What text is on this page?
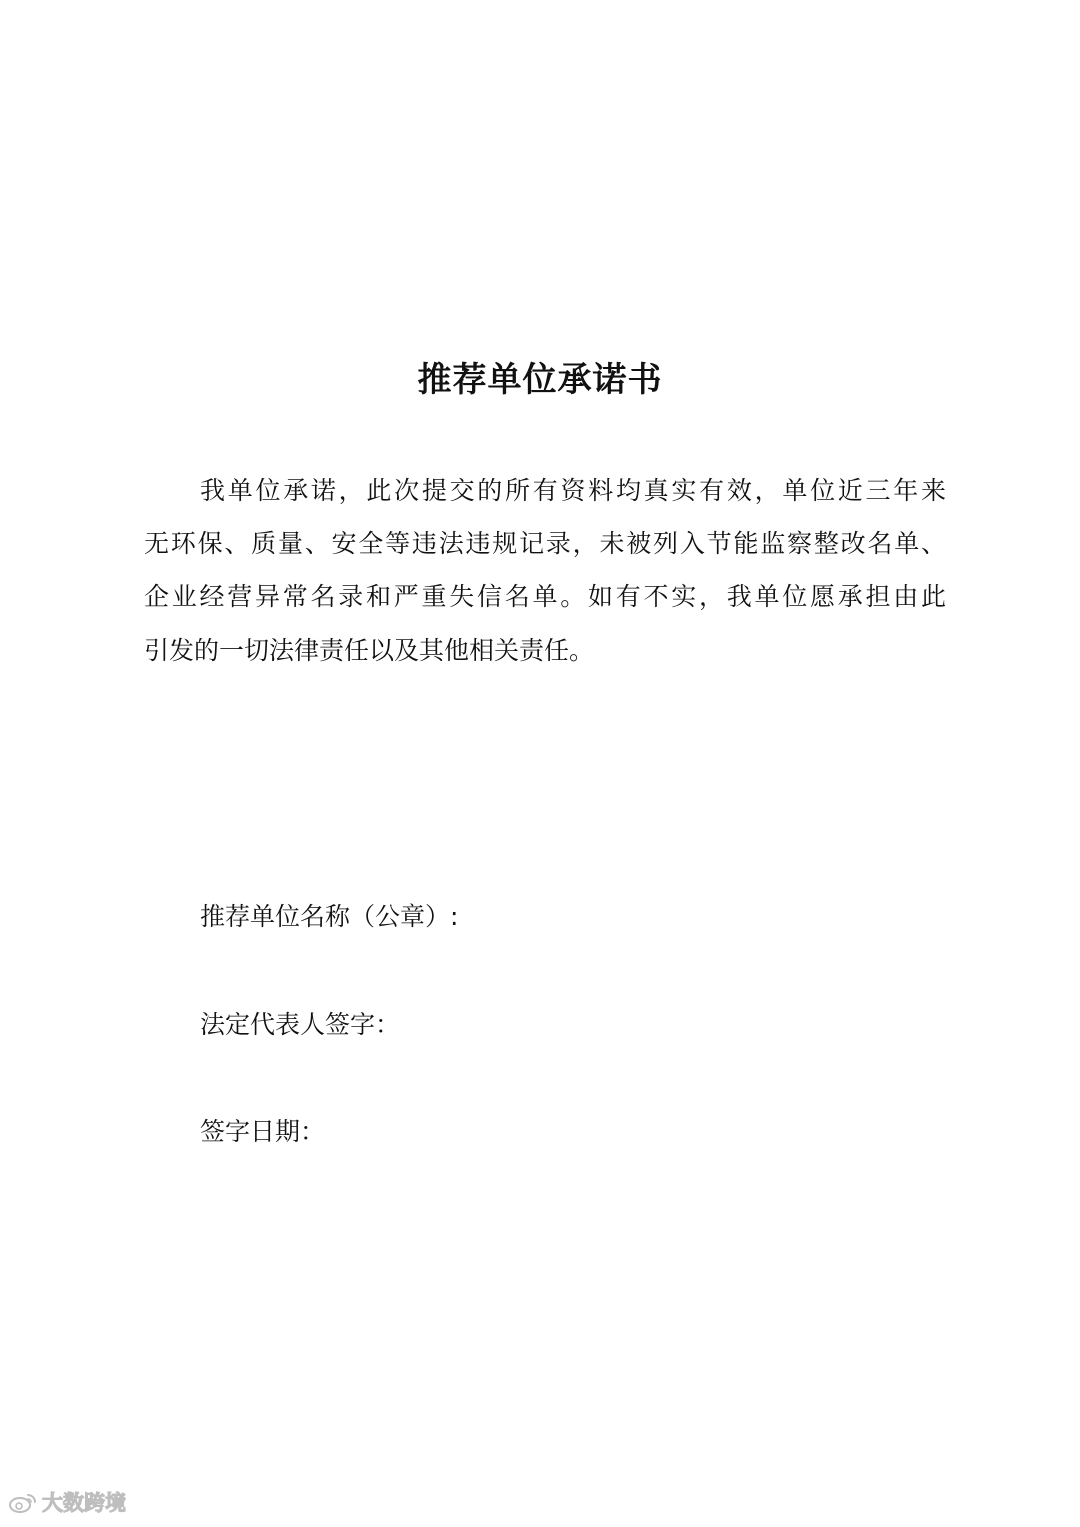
推荐单位承诺书
我单位承诺，此次提交的所有资料均真实有效，单位近三年来
无环保、质量、安全等违法违规记录，未被列入节能监察整改名单、
企业经营异常名录和严重失信名单。如有不实，我单位愿承担由此
引发的一切法律责任以及其他相关责任。
推荐单位名称（公章）:
法定代表人签字：
签字日期：
大数跨境
